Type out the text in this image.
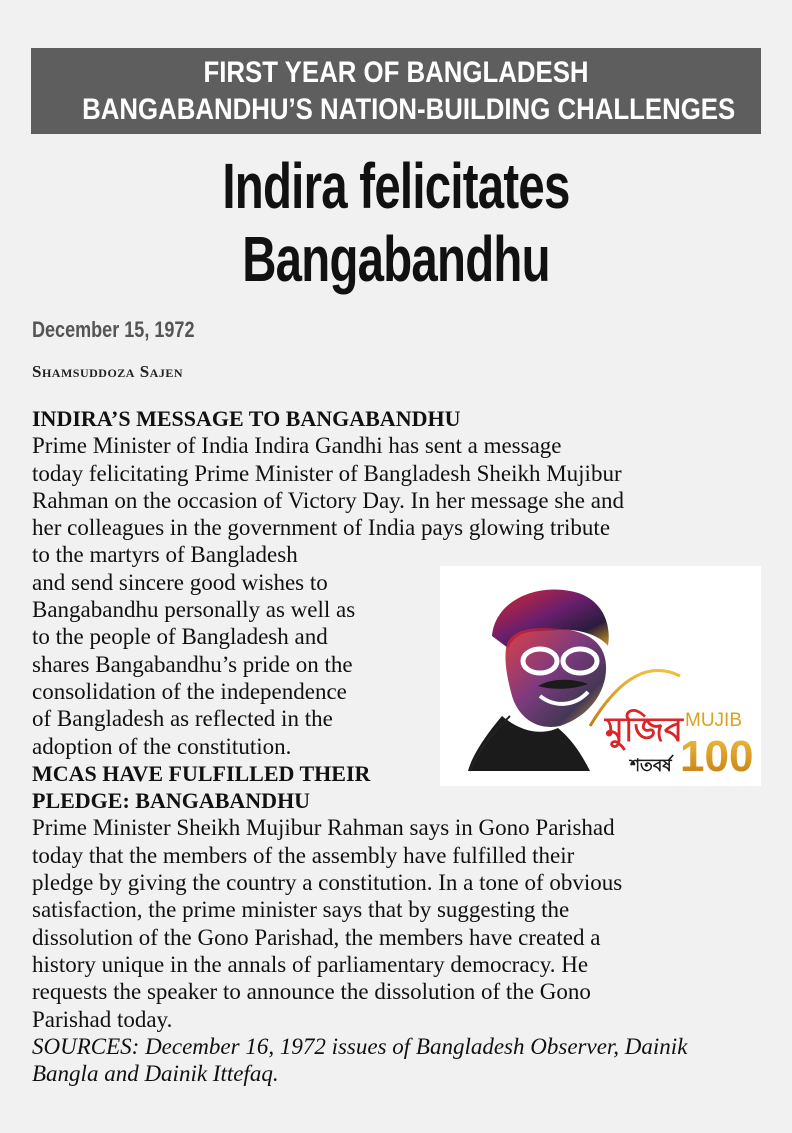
FIRST YEAR OF BANGLADESH
BANGABANDHU’S NATION-BUILDING CHALLENGES
Indira felicitates
Bangabandhu
December 15, 1972
Shamsuddoza Sajen
INDIRA’S MESSAGE TO BANGABANDHU
Prime Minister of India Indira Gandhi has sent a message
today felicitating Prime Minister of Bangladesh Sheikh Mujibur
Rahman on the occasion of Victory Day. In her message she and
her colleagues in the government of India pays glowing tribute
to the martyrs of Bangladesh
and send sincere good wishes to
Bangabandhu personally as well as
to the people of Bangladesh and
shares Bangabandhu’s pride on the
consolidation of the independence
of Bangladesh as reflected in the
adoption of the constitution.
MCAS HAVE FULFILLED THEIR
PLEDGE: BANGABANDHU
Prime Minister Sheikh Mujibur Rahman says in Gono Parishad
today that the members of the assembly have fulfilled their
pledge by giving the country a constitution. In a tone of obvious
satisfaction, the prime minister says that by suggesting the
dissolution of the Gono Parishad, the members have created a
history unique in the annals of parliamentary democracy. He
requests the speaker to announce the dissolution of the Gono
Parishad today.
SOURCES: December 16, 1972 issues of Bangladesh Observer, Dainik
Bangla and Dainik Ittefaq.
মুজিব
শতবর্ষ
MUJIB
100
